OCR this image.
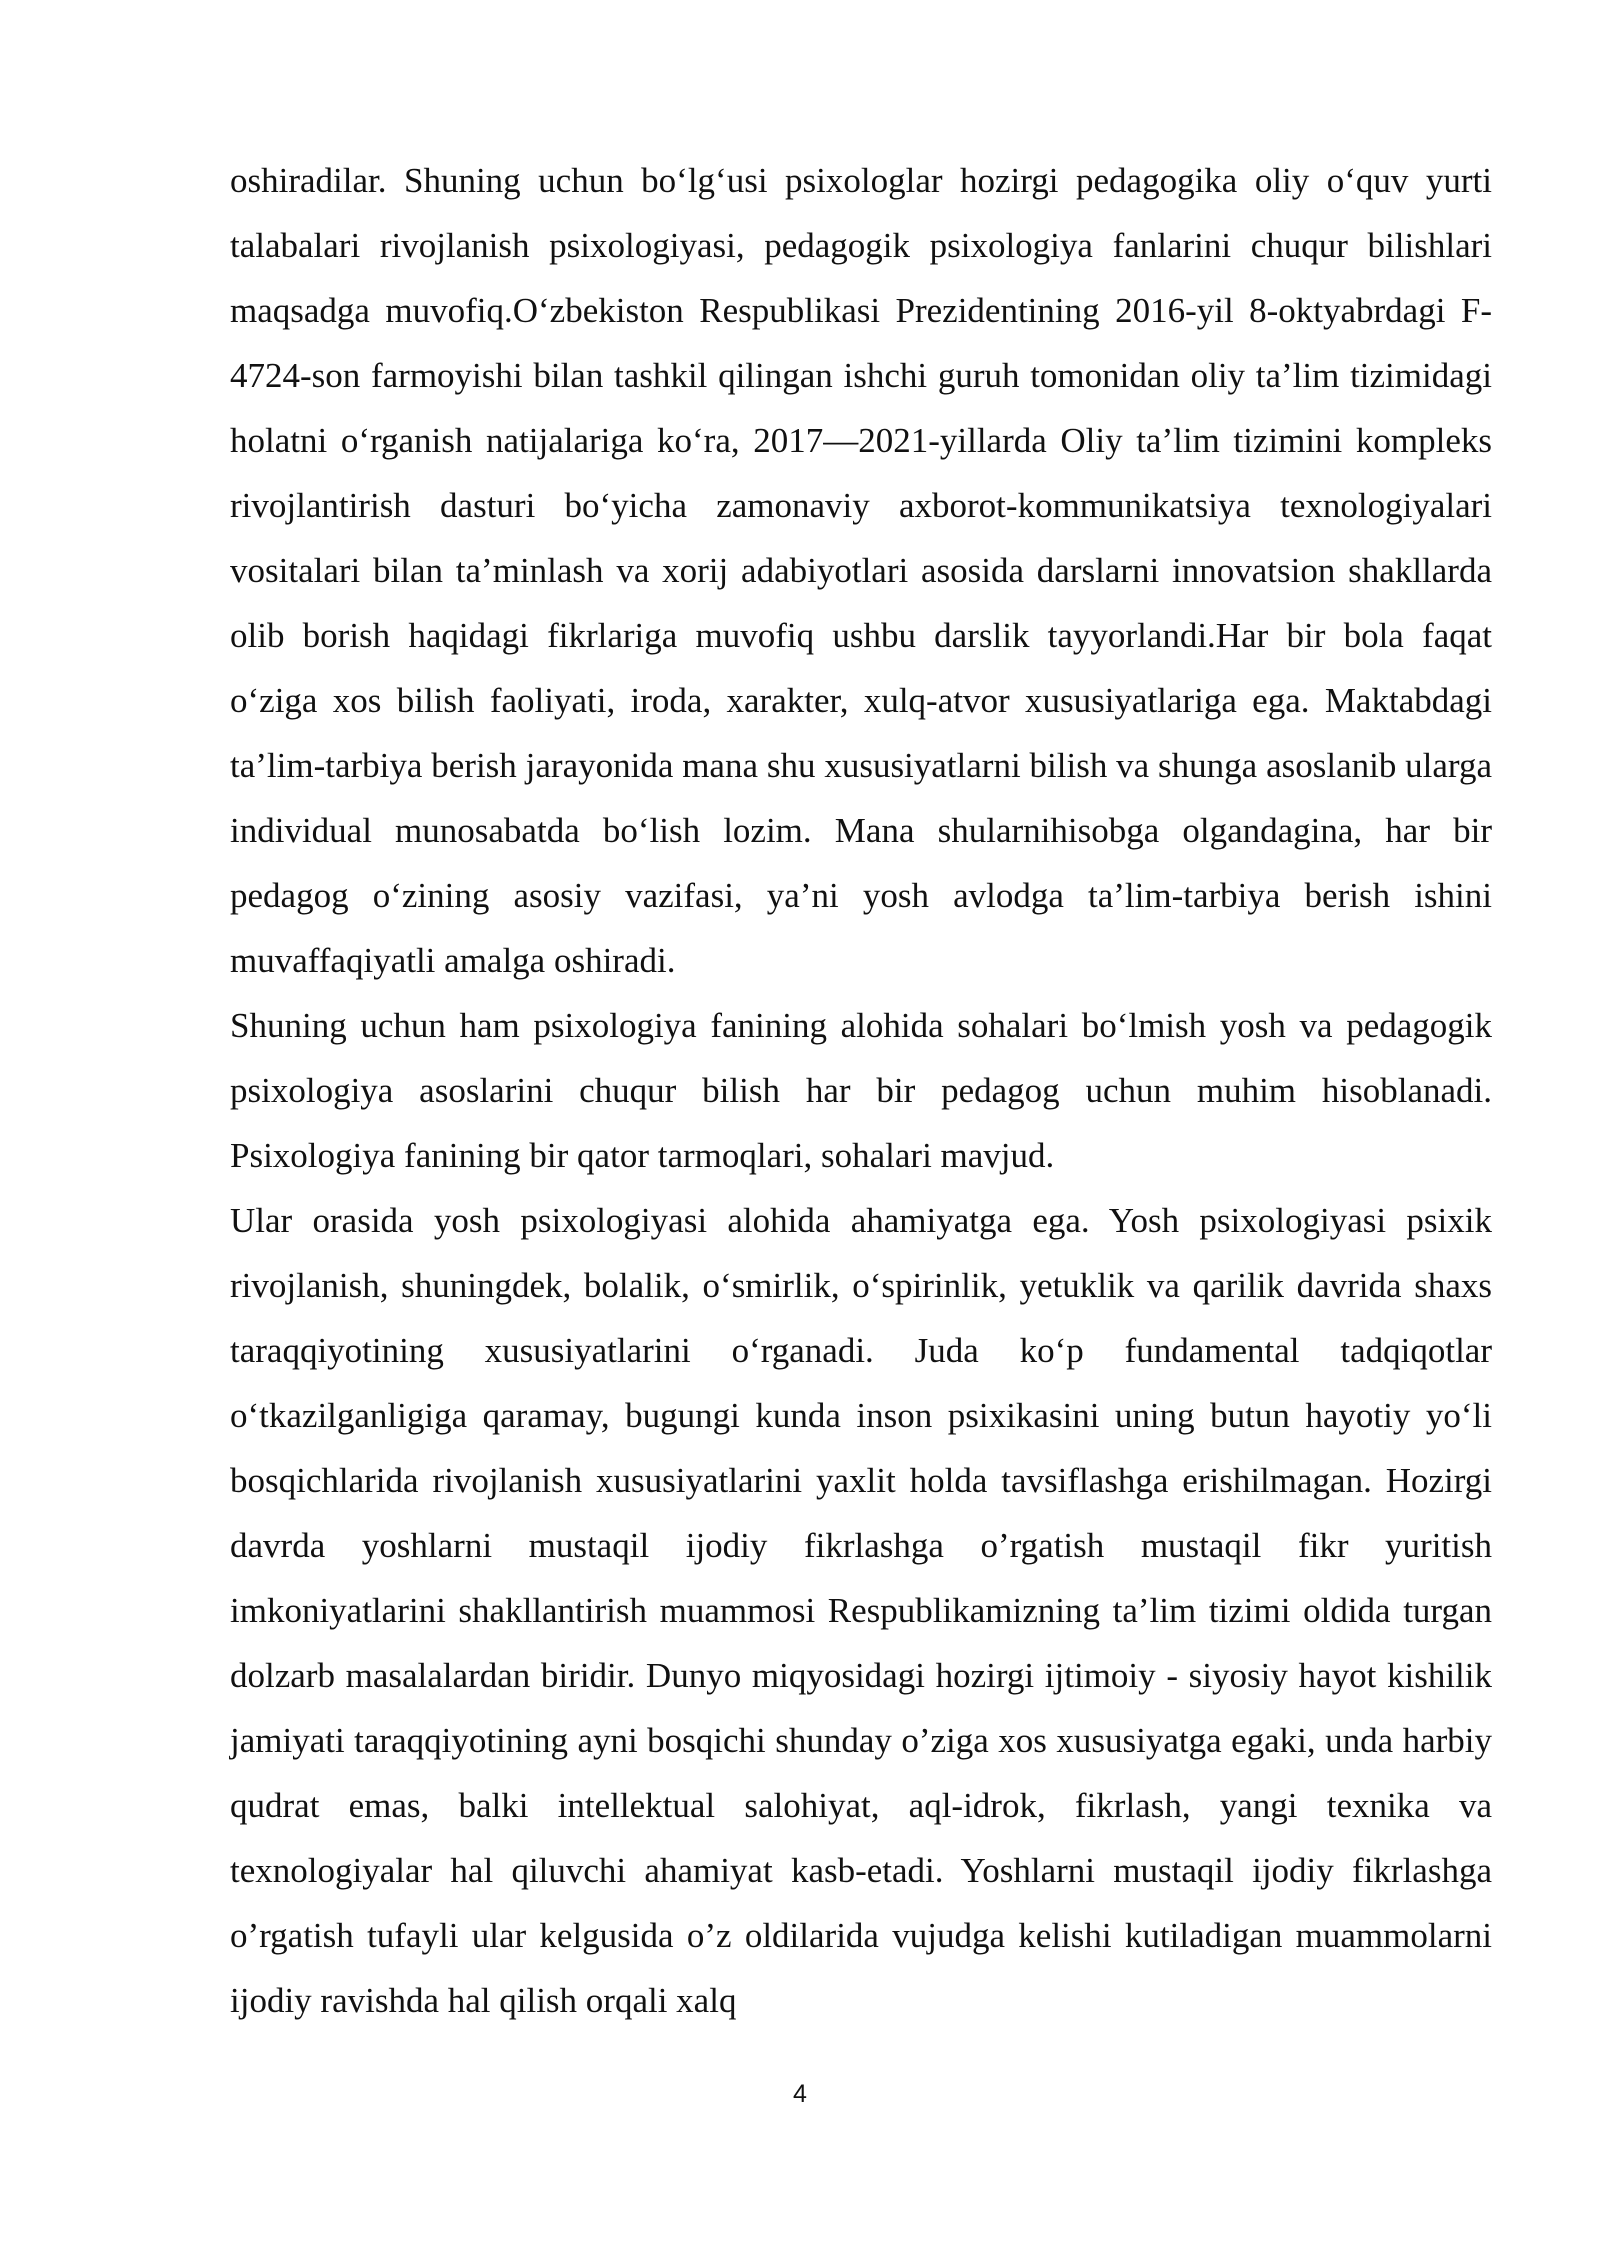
oshiradilar. Shuning uchun bo‘lg‘usi psixologlar hozirgi pedagogika oliy o‘quv yurti talabalari rivojlanish psixologiyasi, pedagogik psixologiya fanlarini chuqur bilishlari maqsadga muvofiq.O‘zbekiston Respublikasi Prezidentining 2016-yil 8-oktyabrdagi F-4724-son farmoyishi bilan tashkil qilingan ishchi guruh tomonidan oliy ta’lim tizimidagi holatni o‘rganish natijalariga ko‘ra, 2017—2021-yillarda Oliy ta’lim tizimini kompleks rivojlantirish dasturi bo‘yicha zamonaviy axborot-kommunikatsiya texnologiyalari vositalari bilan ta’minlash va xorij adabiyotlari asosida darslarni innovatsion shakllarda olib borish haqidagi fikrlariga muvofiq ushbu darslik tayyorlandi.Har bir bola faqat o‘ziga xos bilish faoliyati, iroda, xarakter, xulq-atvor xususiyatlariga ega. Maktabdagi ta’lim-tarbiya berish jarayonida mana shu xususiyatlarni bilish va shunga asoslanib ularga individual munosabatda bo‘lish lozim. Mana shularnihisobga olgandagina, har bir pedagog o‘zining asosiy vazifasi, ya’ni yosh avlodga ta’lim-tarbiya berish ishini muvaffaqiyatli amalga oshiradi.

Shuning uchun ham psixologiya fanining alohida sohalari bo‘lmish yosh va pedagogik psixologiya asoslarini chuqur bilish har bir pedagog uchun muhim hisoblanadi. Psixologiya fanining bir qator tarmoqlari, sohalari mavjud.

Ular orasida yosh psixologiyasi alohida ahamiyatga ega. Yosh psixologiyasi psixik rivojlanish, shuningdek, bolalik, o‘smirlik, o‘spirinlik, yetuklik va qarilik davrida shaxs taraqqiyotining xususiyatlarini o‘rganadi. Juda ko‘p fundamental tadqiqotlar o‘tkazilganligiga qaramay, bugungi kunda inson psixikasini uning butun hayotiy yo‘li bosqichlarida rivojlanish xususiyatlarini yaxlit holda tavsiflashga erishilmagan. Hozirgi davrda yoshlarni mustaqil ijodiy fikrlashga o’rgatish mustaqil fikr yuritish imkoniyatlarini shakllantirish muammosi Respublikamizning ta’lim tizimi oldida turgan dolzarb masalalardan biridir. Dunyo miqyosidagi hozirgi ijtimoiy - siyosiy hayot kishilik jamiyati taraqqiyotining ayni bosqichi shunday o’ziga xos xususiyatga egaki, unda harbiy qudrat emas, balki intellektual salohiyat, aql-idrok, fikrlash, yangi texnika va texnologiyalar hal qiluvchi ahamiyat kasb-etadi. Yoshlarni mustaqil ijodiy fikrlashga o’rgatish tufayli ular kelgusida o’z oldilarida vujudga kelishi kutiladigan muammolarni ijodiy ravishda hal qilish orqali xalq

4
